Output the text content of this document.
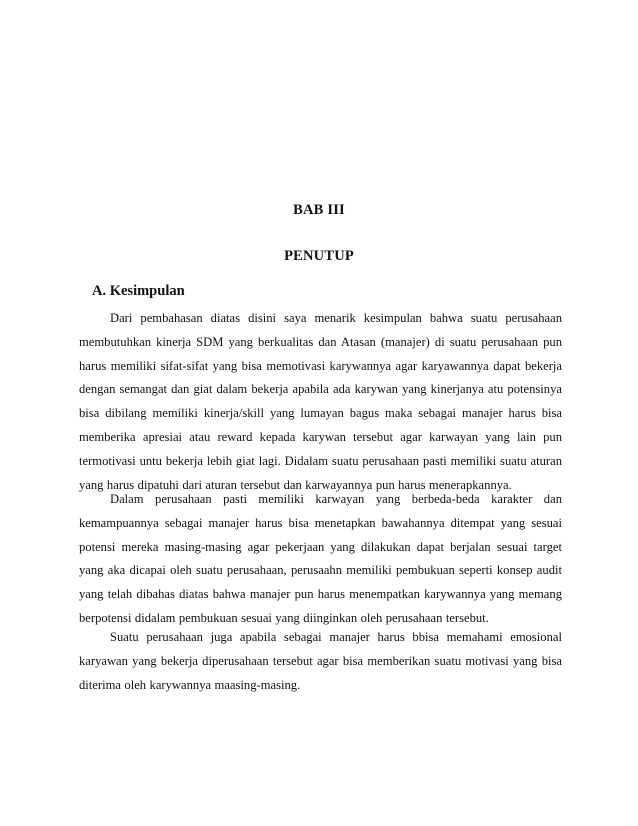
BAB III
PENUTUP
A. Kesimpulan

Dari pembahasan diatas disini saya menarik kesimpulan bahwa suatu perusahaan membutuhkan kinerja SDM yang berkualitas dan Atasan (manajer) di suatu perusahaan pun harus memiliki sifat-sifat yang bisa memotivasi karywannya agar karyawannya dapat bekerja dengan semangat dan giat dalam bekerja apabila ada karywan yang kinerjanya atu potensinya bisa dibilang memiliki kinerja/skill yang lumayan bagus maka sebagai manajer harus bisa memberika apresiai atau reward kepada karywan tersebut agar karwayan yang lain pun termotivasi untu bekerja lebih giat lagi. Didalam suatu perusahaan pasti memiliki suatu aturan yang harus dipatuhi dari aturan tersebut dan karwayannya pun harus menerapkannya.

Dalam perusahaan pasti memiliki karwayan yang berbeda-beda karakter dan kemampuannya sebagai manajer harus bisa menetapkan bawahannya ditempat yang sesuai potensi mereka masing-masing agar pekerjaan yang dilakukan dapat berjalan sesuai target yang aka dicapai oleh suatu perusahaan, perusaahn memiliki pembukuan seperti konsep audit yang telah dibahas diatas bahwa manajer pun harus menempatkan karywannya yang memang berpotensi didalam pembukuan sesuai yang diinginkan oleh perusahaan tersebut.

Suatu perusahaan juga apabila sebagai manajer harus bbisa memahami emosional karyawan yang bekerja diperusahaan tersebut agar bisa memberikan suatu motivasi yang bisa diterima oleh karywannya maasing-masing.
